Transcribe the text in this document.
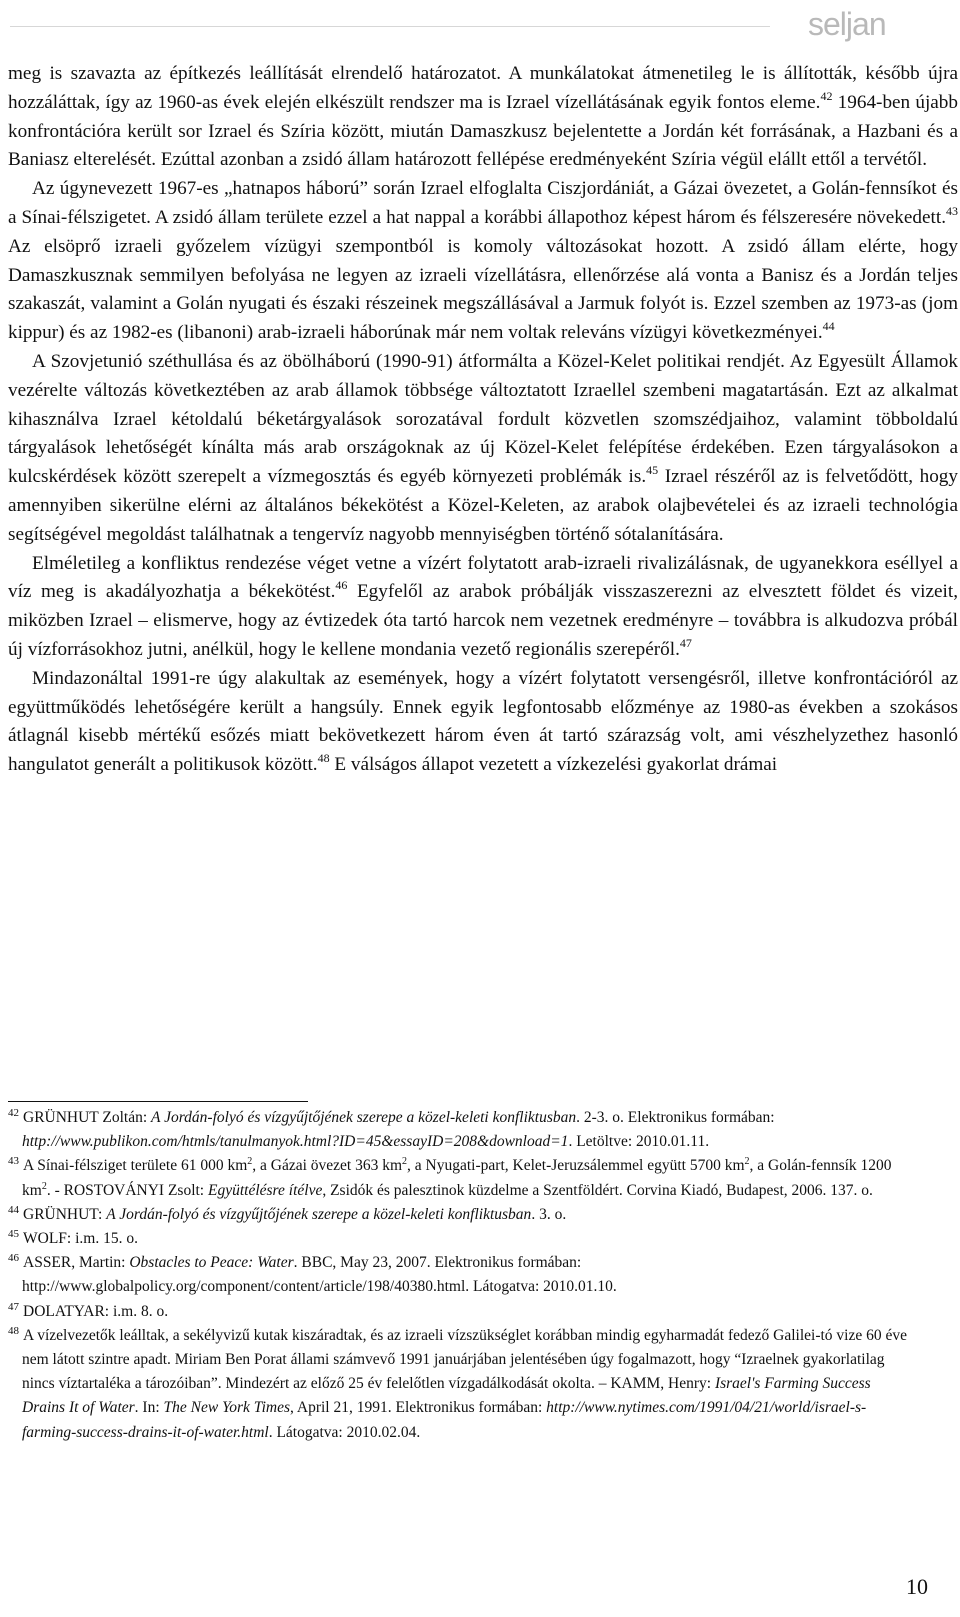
seljan

meg is szavazta az építkezés leállítását elrendelő határozatot. A munkálatokat átmenetileg le is állították, később újra hozzáláttak, így az 1960-as évek elején elkészült rendszer ma is Izrael vízellátásának egyik fontos eleme.$^{42}$ 1964-ben újabb konfrontációra került sor Izrael és Szíria között, miután Damaszkusz bejelentette a Jordán két forrásának, a Hazbani és a Baniasz elterelését. Ezúttal azonban a zsidó állam határozott fellépése eredményeként Szíria végül elállt ettől a tervétől.

Az úgynevezett 1967-es „hatnapos háború” során Izrael elfoglalta Ciszjordániát, a Gázai övezetet, a Golán-fennsíkot és a Sínai-félszigetet. A zsidó állam területe ezzel a hat nappal a korábbi állapothoz képest három és félszeresére növekedett.$^{43}$ Az elsöprő izraeli győzelem vízügyi szempontból is komoly változásokat hozott. A zsidó állam elérte, hogy Damaszkusznak semmilyen befolyása ne legyen az izraeli vízellátásra, ellenőrzése alá vonta a Banisz és a Jordán teljes szakaszát, valamint a Golán nyugati és északi részeinek megszállásával a Jarmuk folyót is. Ezzel szemben az 1973-as (jom kippur) és az 1982-es (libanoni) arab-izraeli háborúnak már nem voltak releváns vízügyi következményei.$^{44}$

A Szovjetunió széthullása és az öbölháború (1990-91) átformálta a Közel-Kelet politikai rendjét. Az Egyesült Államok vezérelte változás következtében az arab államok többsége változtatott Izraellel szembeni magatartásán. Ezt az alkalmat kihasználva Izrael kétoldalú béketárgyalások sorozatával fordult közvetlen szomszédjaihoz, valamint többoldalú tárgyalások lehetőségét kínálta más arab országoknak az új Közel-Kelet felépítése érdekében. Ezen tárgyalásokon a kulcskérdések között szerepelt a vízmegosztás és egyéb környezeti problémák is.$^{45}$ Izrael részéről az is felvetődött, hogy amennyiben sikerülne elérni az általános békekötést a Közel-Keleten, az arabok olajbevételei és az izraeli technológia segítségével megoldást találhatnak a tengervíz nagyobb mennyiségben történő sótalanítására.

Elméletileg a konfliktus rendezése véget vetne a vízért folytatott arab-izraeli rivalizálásnak, de ugyanekkora eséllyel a víz meg is akadályozhatja a békekötést.$^{46}$ Egyfelől az arabok próbálják visszaszerezni az elvesztett földet és vizeit, miközben Izrael – elismerve, hogy az évtizedek óta tartó harcok nem vezetnek eredményre – továbbra is alkudozva próbál új vízforrásokhoz jutni, anélkül, hogy le kellene mondania vezető regionális szerepéről.$^{47}$

Mindazonáltal 1991-re úgy alakultak az események, hogy a vízért folytatott versengésről, illetve konfrontációról az együttműködés lehetőségére került a hangsúly. Ennek egyik legfontosabb előzménye az 1980-as években a szokásos átlagnál kisebb mértékű esőzés miatt bekövetkezett három éven át tartó szárazság volt, ami vészhelyzethez hasonló hangulatot generált a politikusok között.$^{48}$ E válságos állapot vezetett a vízkezelési gyakorlat drámai

$^{42}$ GRÜNHUT Zoltán: A Jordán-folyó és vízgyűjtőjének szerepe a közel-keleti konfliktusban. 2-3. o. Elektronikus formában: http://www.publikon.com/htmls/tanulmanyok.html?ID=45&essayID=208&download=1. Letöltve: 2010.01.11.

$^{43}$ A Sínai-félsziget területe 61 000 $km^2$, a Gázai övezet 363 $km^2$, a Nyugati-part, Kelet-Jeruzsálemmel együtt 5700 $km^2$, a Golán-fennsík 1200 $km^2$. - ROSTOVÁNYI Zsolt: Együttélésre ítélve, Zsidók és palesztinok küzdelme a Szentföldért. Corvina Kiadó, Budapest, 2006. 137. o.

$^{44}$ GRÜNHUT: A Jordán-folyó és vízgyűjtőjének szerepe a közel-keleti konfliktusban. 3. o.

$^{45}$ WOLF: i.m. 15. o.

$^{46}$ ASSER, Martin: Obstacles to Peace: Water. BBC, May 23, 2007. Elektronikus formában: http://www.globalpolicy.org/component/content/article/198/40380.html. Látogatva: 2010.01.10.

$^{47}$ DOLATYAR: i.m. 8. o.

$^{48}$ A vízelvezetők leálltak, a sekélyvizű kutak kiszáradtak, és az izraeli vízszükséglet korábban mindig egyharmadát fedező Galilei-tó vize 60 éve nem látott szintre apadt. Miriam Ben Porat állami számvevő 1991 januárjában jelentésében úgy fogalmazott, hogy “Izraelnek gyakorlatilag nincs víztartaléka a tározóiban”. Mindezért az előző 25 év felelőtlen vízgadálkodását okolta. – KAMM, Henry: Israel's Farming Success Drains It of Water. In: The New York Times, April 21, 1991. Elektronikus formában: http://www.nytimes.com/1991/04/21/world/israel-s-farming-success-drains-it-of-water.html. Látogatva: 2010.02.04.

10
